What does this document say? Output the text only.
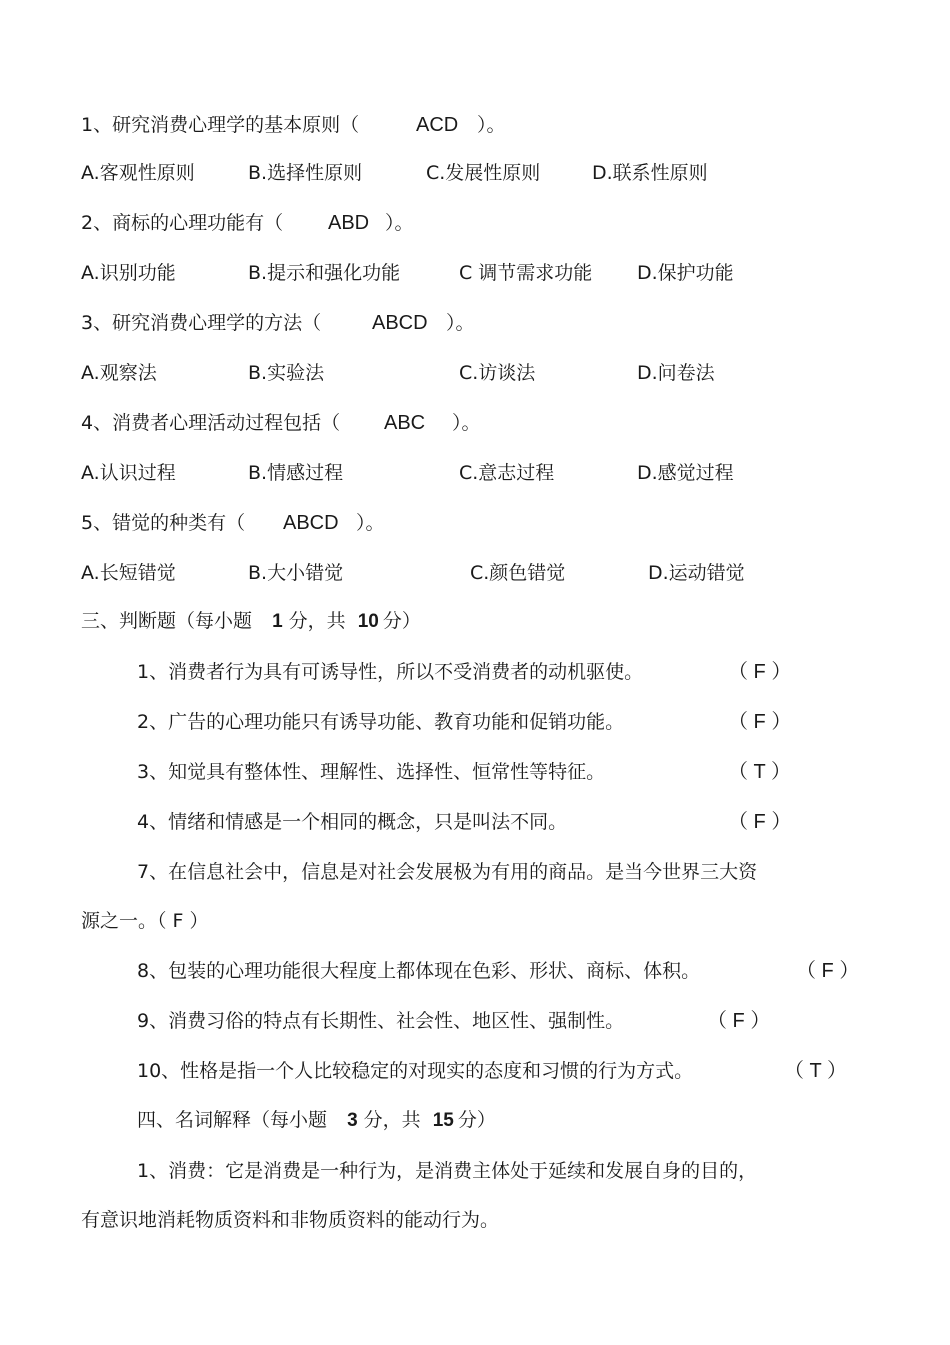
1、研究消费心理学的基本原则（	ACD ）。
A.客观性原则	B.选择性原则	C.发展性原则	D.联系性原则
2、商标的心理功能有（ ABD ）。
A.识别功能	B.提示和强化功能	C 调节需求功能 D.保护功能
3、研究消费心理学的方法（	ABCD ）。
A.观察法	B.实验法	C.访谈法	D.问卷法
4、消费者心理活动过程包括（ ABC ）。
A.认识过程	B.情感过程	C.意志过程	D.感觉过程
5、错觉的种类有（ ABCD ）。
A.长短错觉	B.大小错觉	C.颜色错觉	D.运动错觉
三、判断题（每小题 1 分，共 10 分）
1、消费者行为具有可诱导性，所以不受消费者的动机驱使。	（ F ）
2、广告的心理功能只有诱导功能、教育功能和促销功能。	（ F ）
3、知觉具有整体性、理解性、选择性、恒常性等特征。	（ T ）
4、情绪和情感是一个相同的概念，只是叫法不同。	（ F ）
7、在信息社会中，信息是对社会发展极为有用的商品。是当今世界三大资
源之一。（ F ）
8、包装的心理功能很大程度上都体现在色彩、形状、商标、体积。	（ F ）
9、消费习俗的特点有长期性、社会性、地区性、强制性。	（ F ）
10、性格是指一个人比较稳定的对现实的态度和习惯的行为方式。	（ T ）
四、名词解释（每小题 3 分，共 15 分）
1、消费：它是消费是一种行为，是消费主体处于延续和发展自身的目的，
有意识地消耗物质资料和非物质资料的能动行为。
